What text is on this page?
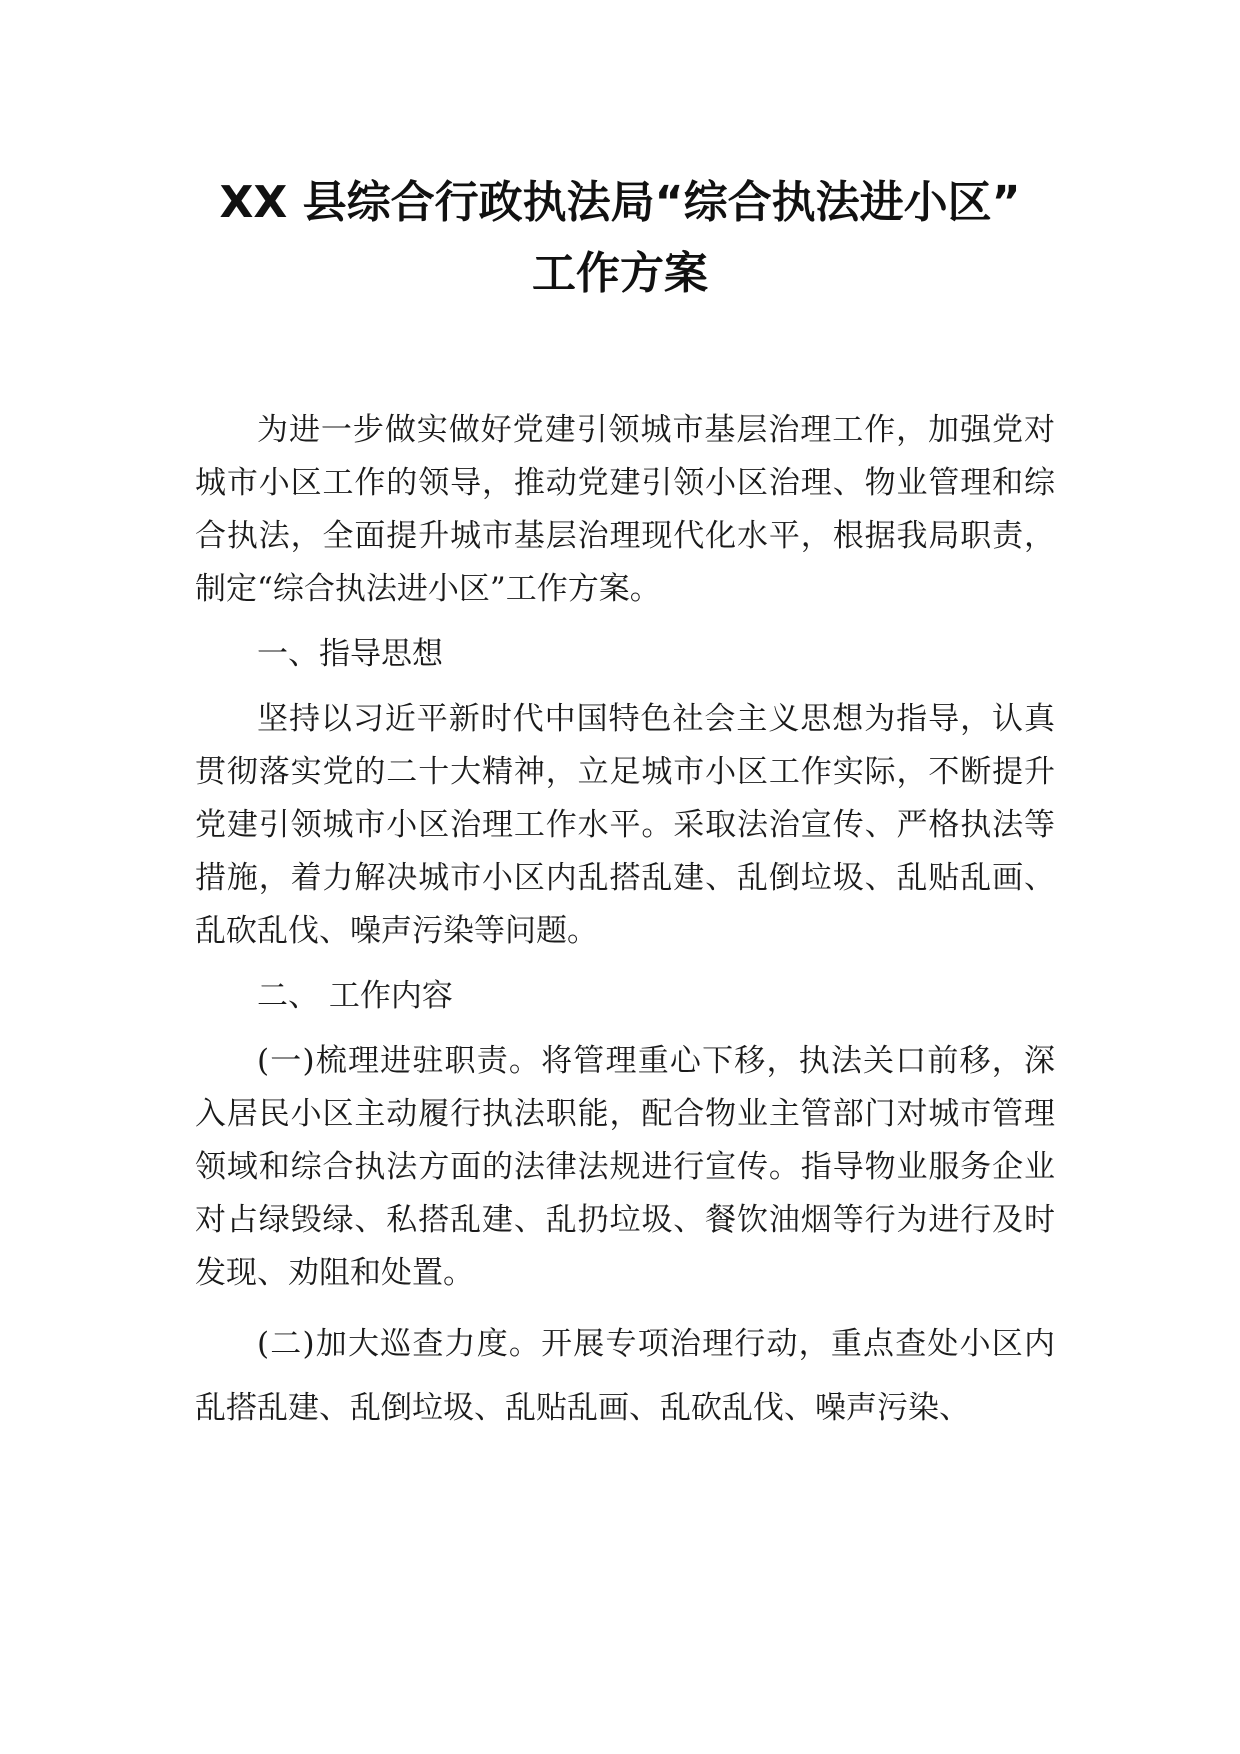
XX 县综合行政执法局“综合执法进小区”
工作方案

为进一步做实做好党建引领城市基层治理工作，加强党对城市小区工作的领导，推动党建引领小区治理、物业管理和综合执法，全面提升城市基层治理现代化水平，根据我局职责，制定“综合执法进小区”工作方案。

一、指导思想

坚持以习近平新时代中国特色社会主义思想为指导，认真贯彻落实党的二十大精神，立足城市小区工作实际，不断提升党建引领城市小区治理工作水平。采取法治宣传、严格执法等措施，着力解决城市小区内乱搭乱建、乱倒垃圾、乱贴乱画、乱砍乱伐、噪声污染等问题。

二、 工作内容

(一)梳理进驻职责。将管理重心下移，执法关口前移，深入居民小区主动履行执法职能，配合物业主管部门对城市管理领域和综合执法方面的法律法规进行宣传。指导物业服务企业对占绿毁绿、私搭乱建、乱扔垃圾、餐饮油烟等行为进行及时发现、劝阻和处置。

(二)加大巡查力度。开展专项治理行动，重点查处小区内乱搭乱建、乱倒垃圾、乱贴乱画、乱砍乱伐、噪声污染、
